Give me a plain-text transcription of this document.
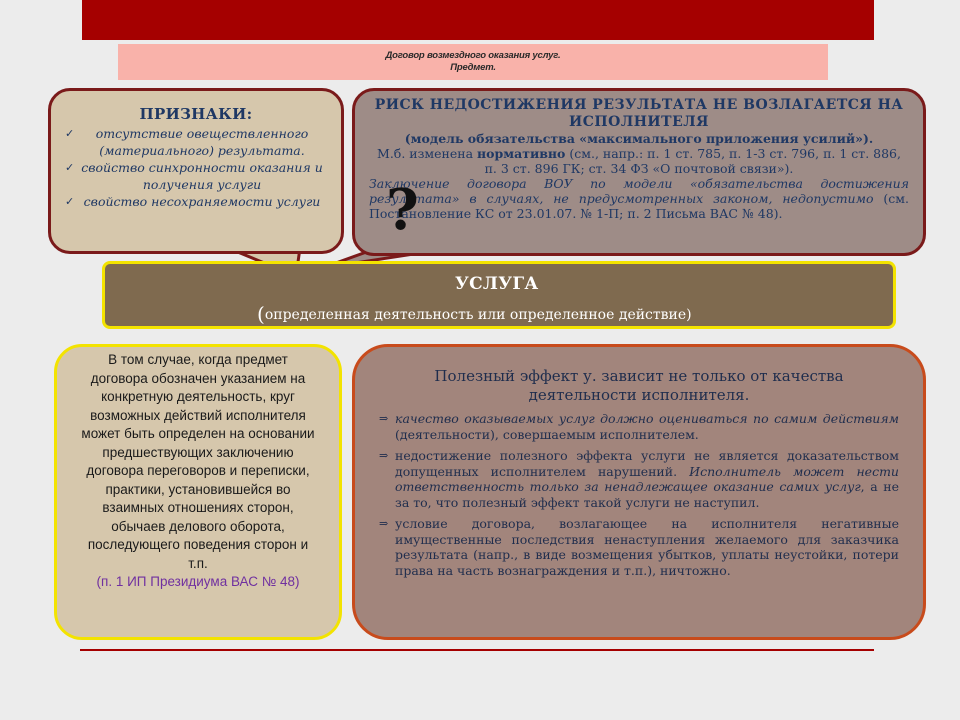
Договор возмездного оказания услуг.
Предмет.
ПРИЗНАКИ:
✓ отсутствие овеществленного (материального) результата.
✓ свойство синхронности оказания и получения услуги
✓ свойство несохраняемости услуги
РИСК НЕДОСТИЖЕНИЯ РЕЗУЛЬТАТА НЕ ВОЗЛАГАЕТСЯ НА ИСПОЛНИТЕЛЯ
(модель обязательства «максимального приложения усилий»).
М.б. изменена нормативно (см., напр.: п. 1 ст. 785, п. 1-3 ст. 796, п. 1 ст. 886, п. 3 ст. 896 ГК; ст. 34 ФЗ «О почтовой связи»).
Заключение договора ВОУ по модели «обязательства достижения результата» в случаях, не предусмотренных законом, недопустимо (см. Постановление КС от 23.01.07. № 1-П; п. 2 Письма ВАС № 48).
?
УСЛУГА
(определенная деятельность или определенное действие)
В том случае, когда предмет договора обозначен указанием на конкретную деятельность, круг возможных действий исполнителя может быть определен на основании предшествующих заключению договора переговоров и переписки, практики, установившейся во взаимных отношениях сторон, обычаев делового оборота, последующего поведения сторон и т.п.
(п. 1 ИП Президиума ВАС № 48)
Полезный эффект у. зависит не только от качества деятельности исполнителя.
⇒ качество оказываемых услуг должно оцениваться по самим действиям (деятельности), совершаемым исполнителем.
⇒ недостижение полезного эффекта услуги не является доказательством допущенных исполнителем нарушений. Исполнитель может нести ответственность только за ненадлежащее оказание самих услуг, а не за то, что полезный эффект такой услуги не наступил.
⇒ условие договора, возлагающее на исполнителя негативные имущественные последствия ненаступления желаемого для заказчика результата (напр., в виде возмещения убытков, уплаты неустойки, потери права на часть вознаграждения и т.п.), ничтожно.
